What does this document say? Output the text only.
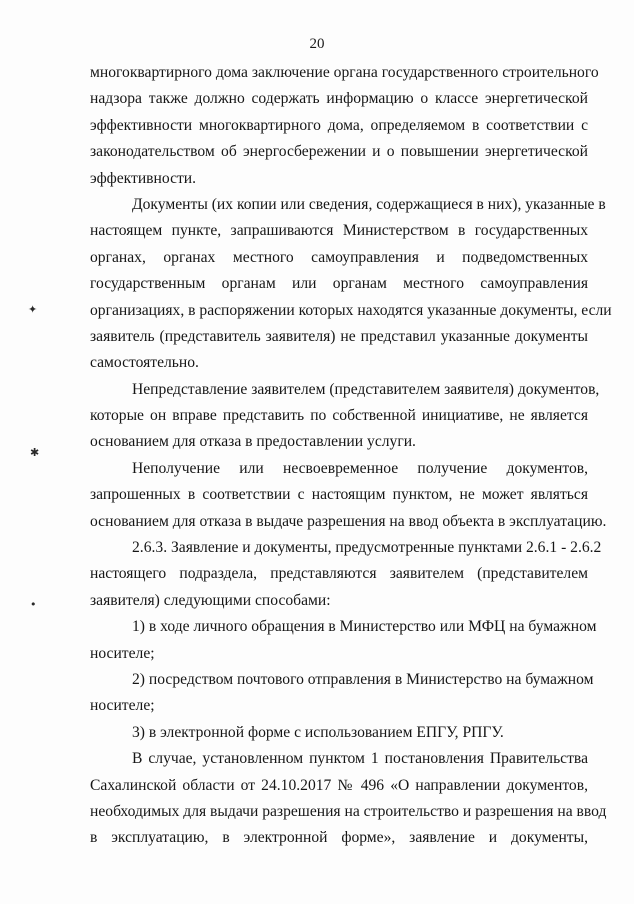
20
многоквартирного дома заключение органа государственного строительного
надзора также должно содержать информацию о классе энергетической
эффективности многоквартирного дома, определяемом в соответствии с
законодательством об энергосбережении и о повышении энергетической
эффективности.
Документы (их копии или сведения, содержащиеся в них), указанные в
настоящем пункте, запрашиваются Министерством в государственных
органах, органах местного самоуправления и подведомственных
государственным органам или органам местного самоуправления
организациях, в распоряжении которых находятся указанные документы, если
заявитель (представитель заявителя) не представил указанные документы
самостоятельно.
Непредставление заявителем (представителем заявителя) документов,
которые он вправе представить по собственной инициативе, не является
основанием для отказа в предоставлении услуги.
Неполучение или несвоевременное получение документов,
запрошенных в соответствии с настоящим пунктом, не может являться
основанием для отказа в выдаче разрешения на ввод объекта в эксплуатацию.
2.6.3. Заявление и документы, предусмотренные пунктами 2.6.1 - 2.6.2
настоящего подраздела, представляются заявителем (представителем
заявителя) следующими способами:
1) в ходе личного обращения в Министерство или МФЦ на бумажном
носителе;
2) посредством почтового отправления в Министерство на бумажном
носителе;
3) в электронной форме с использованием ЕПГУ, РПГУ.
В случае, установленном пунктом 1 постановления Правительства
Сахалинской области от 24.10.2017 № 496 «О направлении документов,
необходимых для выдачи разрешения на строительство и разрешения на ввод
в эксплуатацию, в электронной форме», заявление и документы,
✦
✱
•
